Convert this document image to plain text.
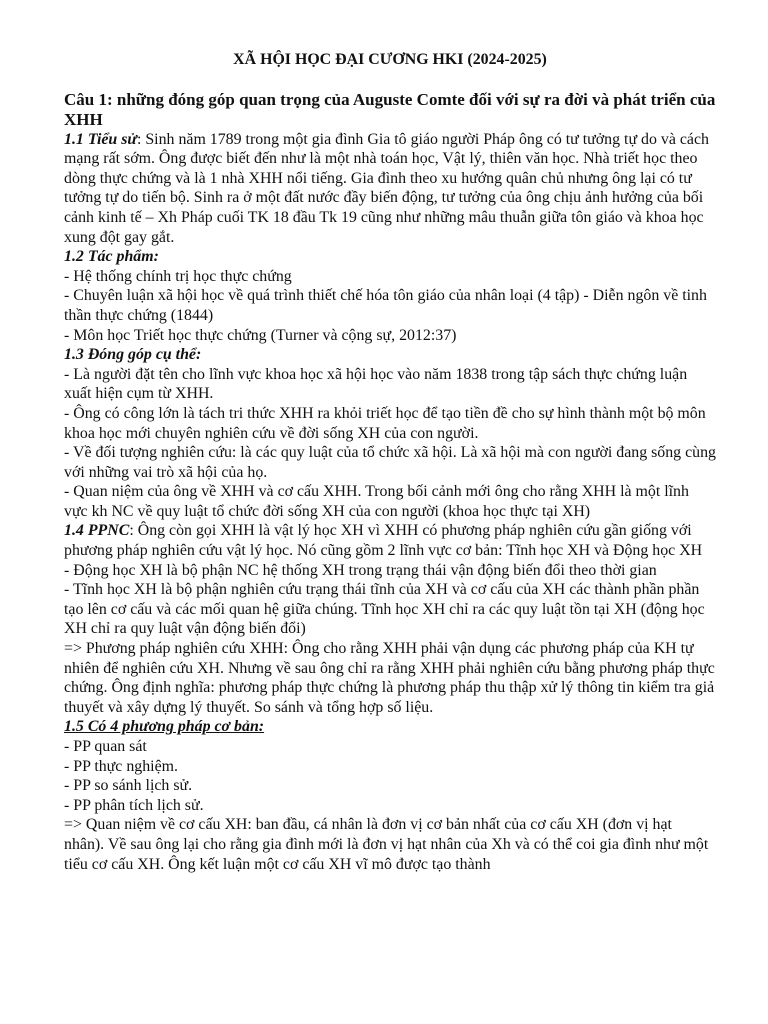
XÃ HỘI HỌC ĐẠI CƯƠNG HKI (2024-2025)
Câu 1: những đóng góp quan trọng của Auguste Comte đối với sự ra đời và phát triển của XHH

1.1 Tiểu sử: Sinh năm 1789 trong một gia đình Gia tô giáo người Pháp ông có tư tưởng tự do và cách mạng rất sớm. Ông được biết đến như là một nhà toán học, Vật lý, thiên văn học. Nhà triết học theo dòng thực chứng và là 1 nhà XHH nổi tiếng. Gia đình theo xu hướng quân chủ nhưng ông lại có tư tưởng tự do tiến bộ. Sinh ra ở một đất nước đầy biến động, tư tưởng của ông chịu ảnh hưởng của bối cảnh kinh tế – Xh Pháp cuối TK 18 đầu Tk 19 cũng như những mâu thuẫn giữa tôn giáo và khoa học xung đột gay gắt.

1.2 Tác phẩm:

- Hệ thống chính trị học thực chứng

- Chuyên luận xã hội học về quá trình thiết chế hóa tôn giáo của nhân loại (4 tập) - Diễn ngôn về tinh thần thực chứng (1844)

- Môn học Triết học thực chứng (Turner và cộng sự, 2012:37)

1.3 Đóng góp cụ thể:

- Là người đặt tên cho lĩnh vực khoa học xã hội học vào năm 1838 trong tập sách thực chứng luận xuất hiện cụm từ XHH.

- Ông có công lớn là tách tri thức XHH ra khỏi triết học để tạo tiền đề cho sự hình thành một bộ môn khoa học mới chuyên nghiên cứu về đời sống XH của con người.

- Về đối tượng nghiên cứu: là các quy luật của tổ chức xã hội. Là xã hội mà con người đang sống cùng với những vai trò xã hội của họ.

- Quan niệm của ông về XHH và cơ cấu XHH. Trong bối cảnh mới ông cho rằng XHH là một lĩnh vực kh NC về quy luật tổ chức đời sống XH của con người (khoa học thực tại XH)

1.4 PPNC: Ông còn gọi XHH là vật lý học XH vì XHH có phương pháp nghiên cứu gần giống với phương pháp nghiên cứu vật lý học. Nó cũng gồm 2 lĩnh vực cơ bản: Tĩnh học XH và Động học XH

- Động học XH là bộ phận NC hệ thống XH trong trạng thái vận động biến đổi theo thời gian

- Tĩnh học XH là bộ phận nghiên cứu trạng thái tĩnh của XH và cơ cấu của XH các thành phần phần tạo lên cơ cấu và các mối quan hệ giữa chúng. Tĩnh học XH chỉ ra các quy luật tồn tại XH (động học XH chỉ ra quy luật vận động biến đổi)

=> Phương pháp nghiên cứu XHH: Ông cho rằng XHH phải vận dụng các phương pháp của KH tự nhiên để nghiên cứu XH. Nhưng về sau ông chỉ ra rằng XHH phải nghiên cứu bằng phương pháp thực chứng. Ông định nghĩa: phương pháp thực chứng là phương pháp thu thập xử lý thông tin kiểm tra giả thuyết và xây dựng lý thuyết. So sánh và tổng hợp số liệu.

1.5 Có 4 phương pháp cơ bản:

- PP quan sát

- PP thực nghiệm.

- PP so sánh lịch sử.

- PP phân tích lịch sử.

=> Quan niệm về cơ cấu XH: ban đầu, cá nhân là đơn vị cơ bản nhất của cơ cấu XH (đơn vị hạt nhân). Về sau ông lại cho rằng gia đình mới là đơn vị hạt nhân của Xh và có thể coi gia đình như một tiểu cơ cấu XH. Ông kết luận một cơ cấu XH vĩ mô được tạo thành
